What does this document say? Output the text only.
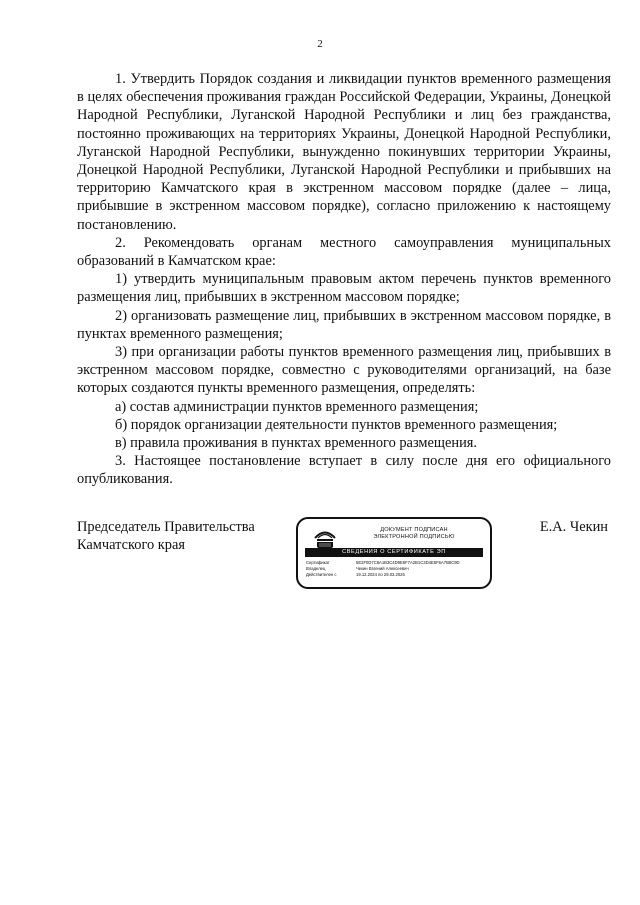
2

1. Утвердить Порядок создания и ликвидации пунктов временного размещения в целях обеспечения проживания граждан Российской Федерации, Украины, Донецкой Народной Республики, Луганской Народной Республики и лиц без гражданства, постоянно проживающих на территориях Украины, Донецкой Народной Республики, Луганской Народной Республики, вынужденно покинувших территории Украины, Донецкой Народной Республики, Луганской Народной Республики и прибывших на территорию Камчатского края в экстренном массовом порядке (далее – лица, прибывшие в экстренном массовом порядке), согласно приложению к настоящему постановлению.

2. Рекомендовать органам местного самоуправления муниципальных образований в Камчатском крае:

1) утвердить муниципальным правовым актом перечень пунктов временного размещения лиц, прибывших в экстренном массовом порядке;

2) организовать размещение лиц, прибывших в экстренном массовом порядке, в пунктах временного размещения;

3) при организации работы пунктов временного размещения лиц, прибывших в экстренном массовом порядке, совместно с руководителями организаций, на базе которых создаются пункты временного размещения, определять:

а) состав администрации пунктов временного размещения;

б) порядок организации деятельности пунктов временного размещения;

в) правила проживания в пунктах временного размещения.

3. Настоящее постановление вступает в силу после дня его официального опубликования.

Председатель Правительства
Камчатского края
ДОКУМЕНТ ПОДПИСАН
ЭЛЕКТРОННОЙ ПОДПИСЬЮ
СВЕДЕНИЯ О СЕРТИФИКАТЕ ЭП
Сертификат	5E2F0D7C8A1B3C4D9E6F7A2B1C3D4E5F6A7B8C9D
Владелец	Чекин Евгений Алексеевич
Действителен с	19.12.2024 по 29.03.2026
Е.А. Чекин
